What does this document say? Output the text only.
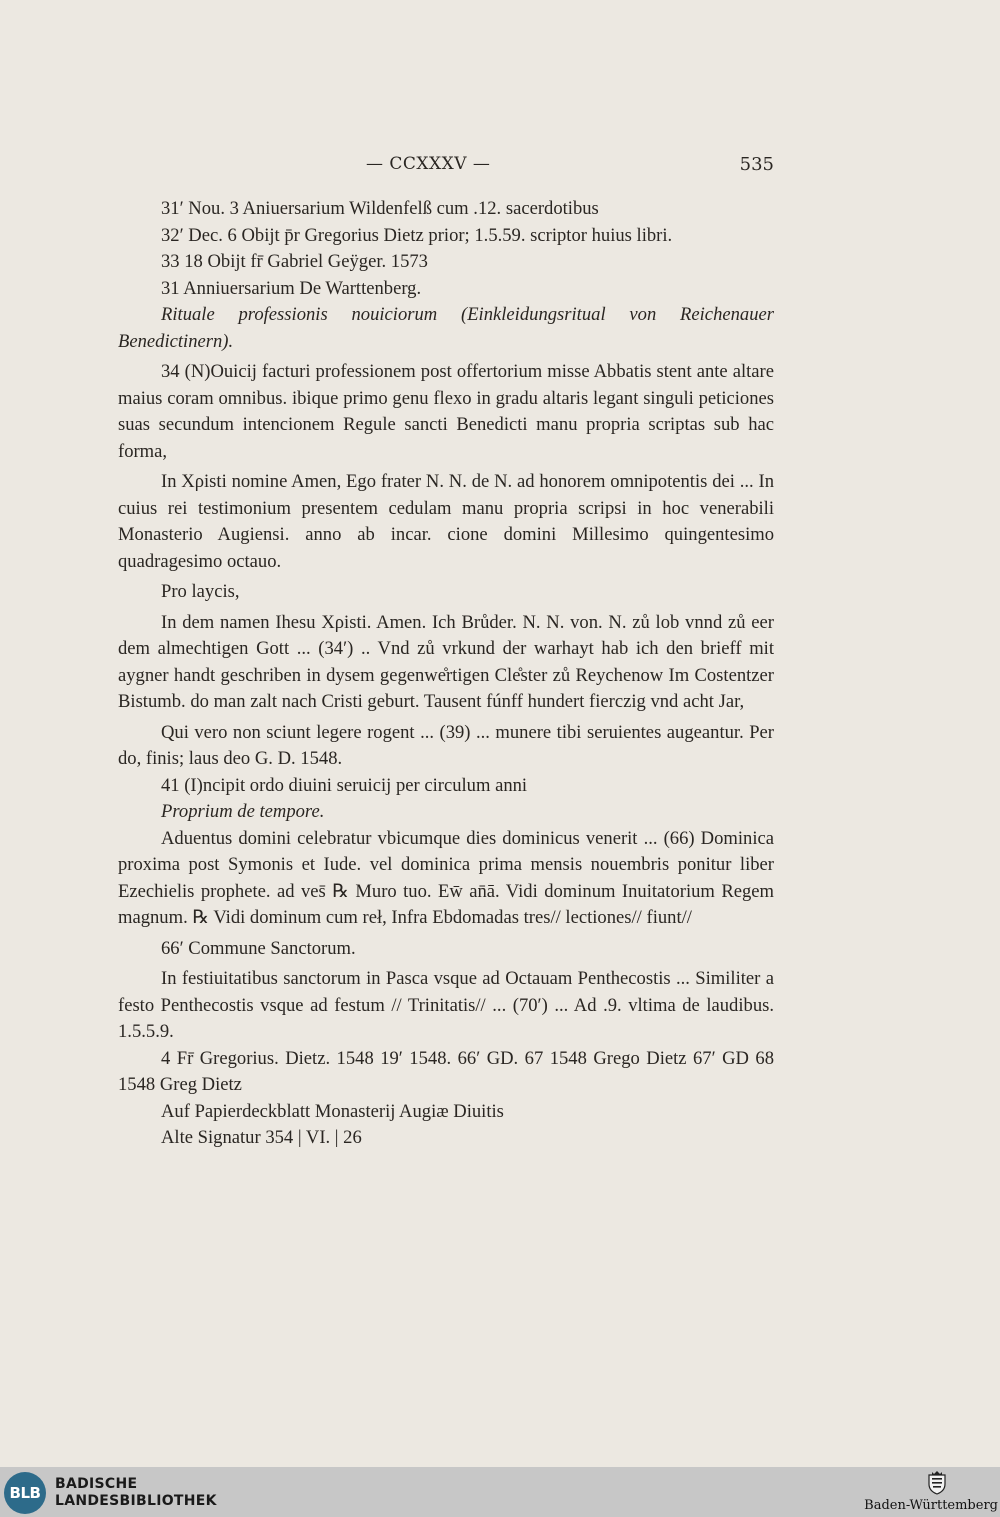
— CCXXXV —	535

31′ Nou. 3 Aniuersarium Wildenfelß cum .12. sacerdotibus

32′ Dec. 6 Obijt p̄r Gregorius Dietz prior; 1.5.59. scriptor huius libri.

33 18 Obijt fr̄ Gabriel Geÿger. 1573

31 Anniuersarium De Warttenberg.

Rituale professionis nouiciorum (Einkleidungsritual von Reichenauer Benedictinern).

34 (N)Ouicij facturi professionem post offertorium misse Abbatis stent ante altare maius coram omnibus. ibique primo genu flexo in gradu altaris legant singuli peticiones suas secundum intencionem Regule sancti Benedicti manu propria scriptas sub hac forma,

In Xρisti nomine Amen, Ego frater N. N. de N. ad honorem omnipotentis dei ... In cuius rei testimonium presentem cedulam manu propria scripsi in hoc venerabili Monasterio Augiensi. anno ab incar. cione domini Millesimo quingentesimo quadragesimo octauo.

Pro laycis,

In dem namen Ihesu Xρisti. Amen. Ich Brůder. N. N. von. N. zů lob vnnd zů eer dem almechtigen Gott ... (34′) .. Vnd zů vrkund der warhayt hab ich den brieff mit aygner handt geschriben in dysem gegenwe̊rtigen Cle̊ster zů Reychenow Im Costentzer Bistumb. do man zalt nach Cristi geburt. Tausent fúnff hundert fierczig vnd acht Jar,

Qui vero non sciunt legere rogent ... (39) ... munere tibi seruientes augeantur. Per do, finis; laus deo G. D. 1548.

41 (I)ncipit ordo diuini seruicij per circulum anni

Proprium de tempore.

Aduentus domini celebratur vbicumque dies dominicus venerit ... (66) Dominica proxima post Symonis et Iude. vel dominica prima mensis nouembris ponitur liber Ezechielis prophete. ad ves̄ ℞ Muro tuo. Ew̄ an̄ā. Vidi dominum Inuitatorium Regem magnum. ℞ Vidi dominum cum reł, Infra Ebdomadas tres// lectiones// fiunt//

66′ Commune Sanctorum.

In festiuitatibus sanctorum in Pasca vsque ad Octauam Penthecostis ... Similiter a festo Penthecostis vsque ad festum // Trinitatis// ... (70′) ... Ad .9. vltima de laudibus. 1.5.5.9.

4 Fr̄ Gregorius. Dietz. 1548 19′ 1548. 66′ GD. 67 1548 Grego Dietz 67′ GD 68 1548 Greg Dietz

Auf Papierdeckblatt Monasterij Augiæ Diuitis

Alte Signatur 354 | VI. | 26

BLB	BADISCHE
LANDESBIBLIOTHEK	Baden-Württemberg
